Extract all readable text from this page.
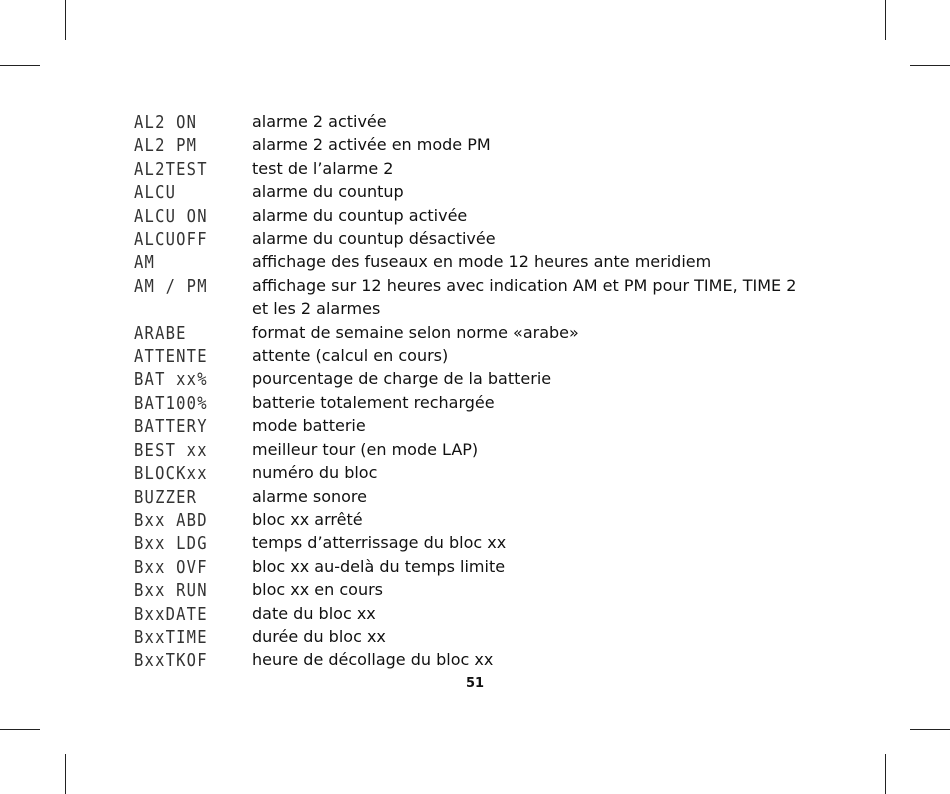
AL2 ON	alarme 2 activée
AL2 PM	alarme 2 activée en mode PM
AL2TEST	test de l’alarme 2
ALCU	alarme du countup
ALCU ON	alarme du countup activée
ALCUOFF	alarme du countup désactivée
AM	affichage des fuseaux en mode 12 heures ante meridiem
AM / PM	affichage sur 12 heures avec indication AM et PM pour TIME, TIME 2 et les 2 alarmes
ARABE	format de semaine selon norme «arabe»
ATTENTE	attente (calcul en cours)
BAT xx%	pourcentage de charge de la batterie
BAT100%	batterie totalement rechargée
BATTERY	mode batterie
BEST xx	meilleur tour (en mode LAP)
BLOCKxx	numéro du bloc
BUZZER	alarme sonore
Bxx ABD	bloc xx arrêté
Bxx LDG	temps d’atterrissage du bloc xx
Bxx OVF	bloc xx au-delà du temps limite
Bxx RUN	bloc xx en cours
BxxDATE	date du bloc xx
BxxTIME	durée du bloc xx
BxxTKOF	heure de décollage du bloc xx
51
